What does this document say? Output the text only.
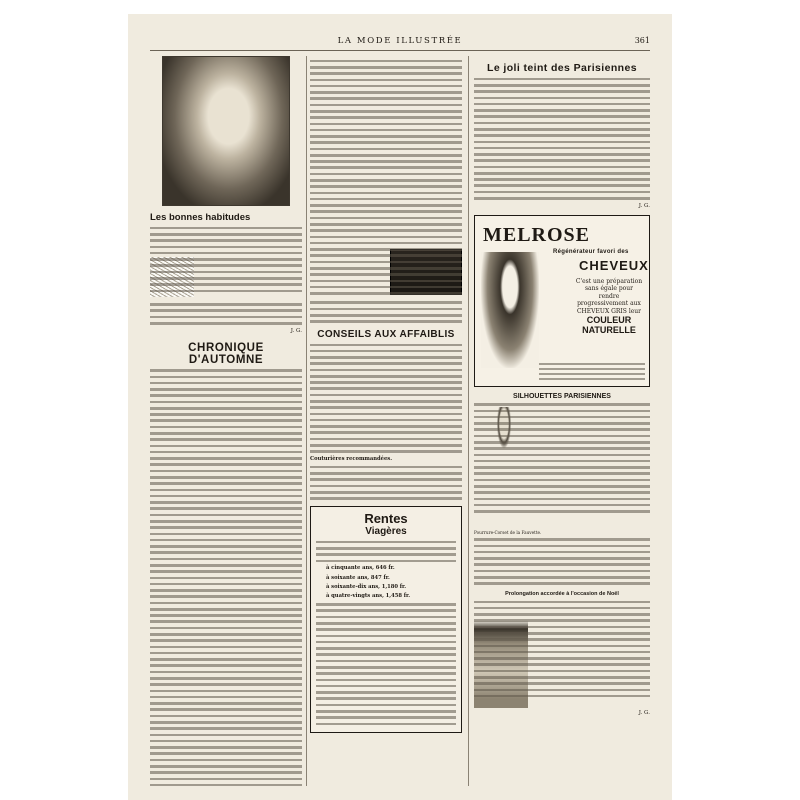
LA MODE ILLUSTRÉE	361
Les bonnes habitudes
J. G.
CHRONIQUE D'AUTOMNE
CONSEILS AUX AFFAIBLIS
Couturières recommandées.
Rentes
Viagères
à cinquante ans, 646 fr.
à soixante ans, 847 fr.
à soixante-dix ans, 1,180 fr.
à quatre-vingts ans, 1,458 fr.
Le joli teint des Parisiennes
J. G.
MELROSE
Régénérateur favori des
CHEVEUX
C'est une préparation sans égale pour rendre progressivement aux CHEVEUX GRIS leur
COULEUR NATURELLE
SILHOUETTES PARISIENNES
Pourrure-Corset de la Fauvette.
Prolongation accordée à l'occasion de Noël
J. G.
